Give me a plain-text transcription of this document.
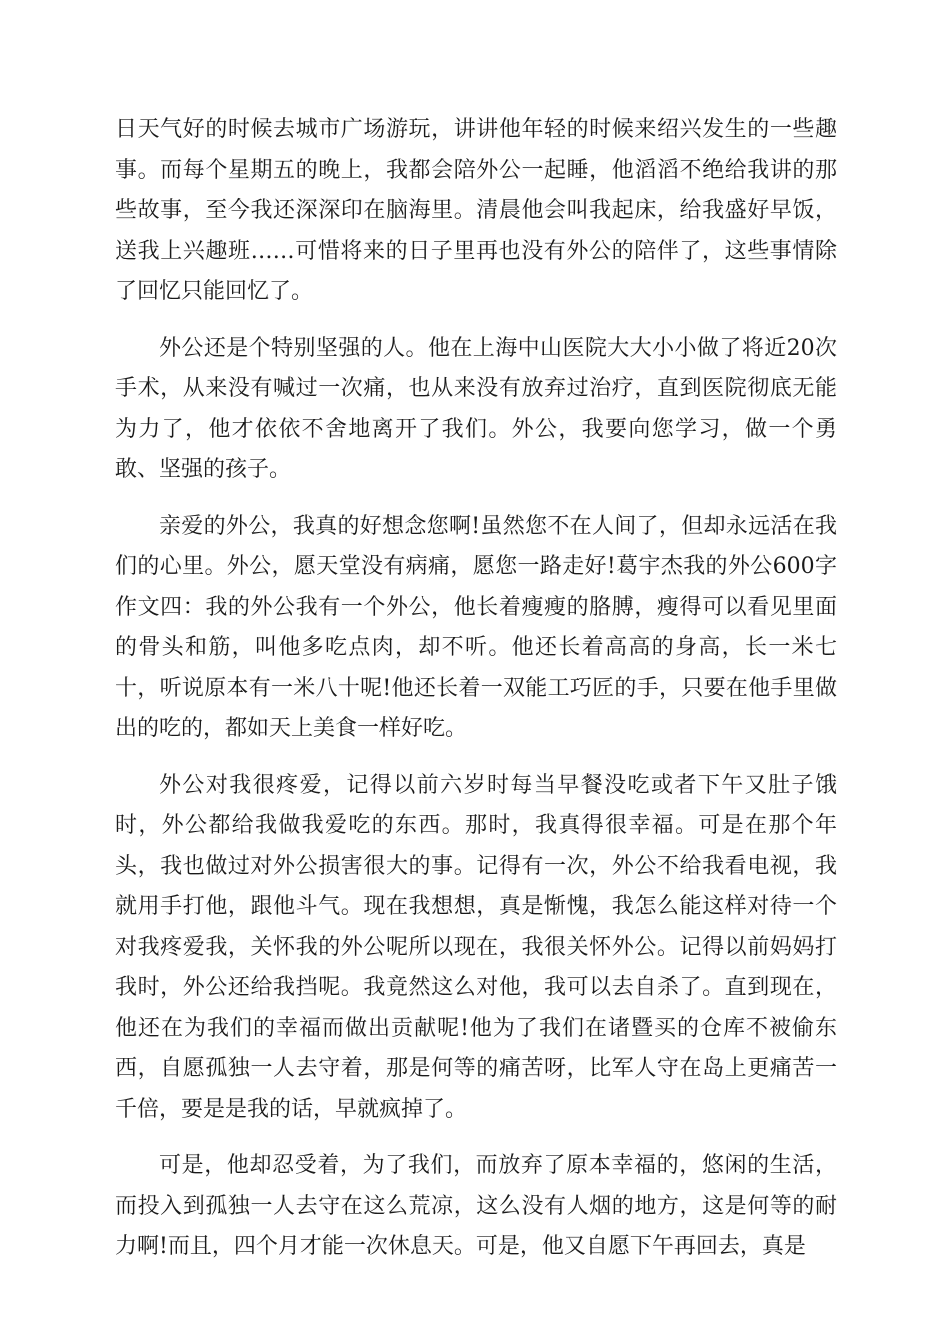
日天气好的时候去城市广场游玩，讲讲他年轻的时候来绍兴发生的一些趣事。而每个星期五的晚上，我都会陪外公一起睡，他滔滔不绝给我讲的那些故事，至今我还深深印在脑海里。清晨他会叫我起床，给我盛好早饭，送我上兴趣班……可惜将来的日子里再也没有外公的陪伴了，这些事情除了回忆只能回忆了。

外公还是个特别坚强的人。他在上海中山医院大大小小做了将近20次手术，从来没有喊过一次痛，也从来没有放弃过治疗，直到医院彻底无能为力了，他才依依不舍地离开了我们。外公，我要向您学习，做一个勇敢、坚强的孩子。

亲爱的外公，我真的好想念您啊!虽然您不在人间了，但却永远活在我们的心里。外公，愿天堂没有病痛，愿您一路走好!葛宇杰我的外公600字作文四：我的外公我有一个外公，他长着瘦瘦的胳膊，瘦得可以看见里面的骨头和筋，叫他多吃点肉，却不听。他还长着高高的身高，长一米七十，听说原本有一米八十呢!他还长着一双能工巧匠的手，只要在他手里做出的吃的，都如天上美食一样好吃。

外公对我很疼爱，记得以前六岁时每当早餐没吃或者下午又肚子饿时，外公都给我做我爱吃的东西。那时，我真得很幸福。可是在那个年头，我也做过对外公损害很大的事。记得有一次，外公不给我看电视，我就用手打他，跟他斗气。现在我想想，真是惭愧，我怎么能这样对待一个对我疼爱我，关怀我的外公呢所以现在，我很关怀外公。记得以前妈妈打我时，外公还给我挡呢。我竟然这么对他，我可以去自杀了。直到现在，他还在为我们的幸福而做出贡献呢!他为了我们在诸暨买的仓库不被偷东西，自愿孤独一人去守着，那是何等的痛苦呀，比军人守在岛上更痛苦一千倍，要是是我的话，早就疯掉了。

可是，他却忍受着，为了我们，而放弃了原本幸福的，悠闲的生活，而投入到孤独一人去守在这么荒凉，这么没有人烟的地方，这是何等的耐力啊!而且，四个月才能一次休息天。可是，他又自愿下午再回去，真是
